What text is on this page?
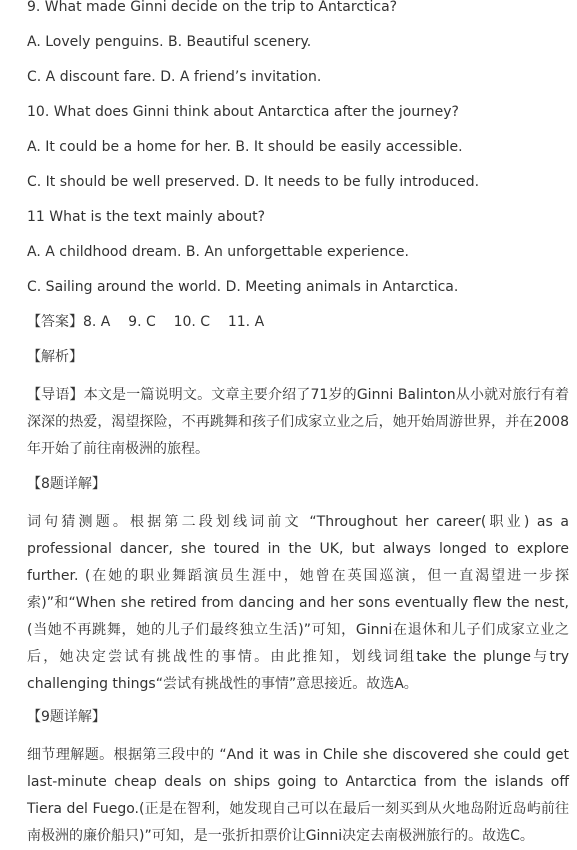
9. What made Ginni decide on the trip to Antarctica?
A. Lovely penguins. B. Beautiful scenery.
C. A discount fare. D. A friend’s invitation.
10. What does Ginni think about Antarctica after the journey?
A. It could be a home for her. B. It should be easily accessible.
C. It should be well preserved. D. It needs to be fully introduced.
11 What is the text mainly about?
A. A childhood dream. B. An unforgettable experience.
C. Sailing around the world. D. Meeting animals in Antarctica.
【答案】8. A    9. C    10. C    11. A
【解析】
【导语】本文是一篇说明文。文章主要介绍了71岁的Ginni Balinton从小就对旅行有着深深的热爱，渴望探险，不再跳舞和孩子们成家立业之后，她开始周游世界，并在2008年开始了前往南极洲的旅程。
【8题详解】
词句猜测题。根据第二段划线词前文 “Throughout her career(职业) as a professional dancer, she toured in the UK, but always longed to explore further. (在她的职业舞蹈演员生涯中，她曾在英国巡演，但一直渴望进一步探索)”和“When she retired from dancing and her sons eventually flew the nest,(当她不再跳舞，她的儿子们最终独立生活)”可知，Ginni在退休和儿子们成家立业之后，她决定尝试有挑战性的事情。由此推知，划线词组take the plunge与try challenging things“尝试有挑战性的事情”意思接近。故选A。
【9题详解】
细节理解题。根据第三段中的 “And it was in Chile she discovered she could get last-minute cheap deals on ships going to Antarctica from the islands off Tiera del Fuego.(正是在智利，她发现自己可以在最后一刻买到从火地岛附近岛屿前往南极洲的廉价船只)”可知，是一张折扣票价让Ginni决定去南极洲旅行的。故选C。
